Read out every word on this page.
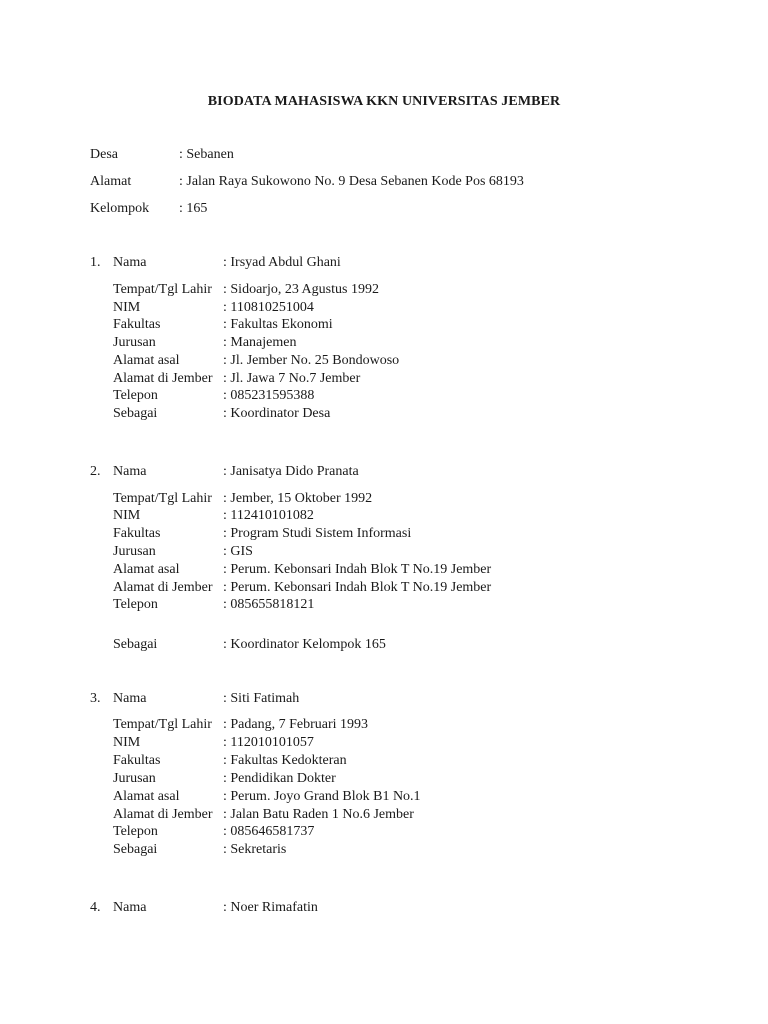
BIODATA MAHASISWA KKN UNIVERSITAS JEMBER
Desa	: Sebanen
Alamat	: Jalan Raya Sukowono No. 9 Desa Sebanen Kode Pos 68193
Kelompok : 165
1. Nama	: Irsyad Abdul Ghani
Tempat/Tgl Lahir : Sidoarjo, 23 Agustus 1992
NIM	: 110810251004
Fakultas	: Fakultas Ekonomi
Jurusan	: Manajemen
Alamat asal	: Jl. Jember No. 25 Bondowoso
Alamat di Jember : Jl. Jawa 7 No.7 Jember
Telepon	: 085231595388
Sebagai	: Koordinator Desa
2. Nama	: Janisatya Dido Pranata
Tempat/Tgl Lahir : Jember, 15 Oktober 1992
NIM	: 112410101082
Fakultas	: Program Studi Sistem Informasi
Jurusan	: GIS
Alamat asal	: Perum. Kebonsari Indah Blok T No.19 Jember
Alamat di Jember : Perum. Kebonsari Indah Blok T No.19 Jember
Telepon	: 085655818121
Sebagai	: Koordinator Kelompok 165
3. Nama	: Siti Fatimah
Tempat/Tgl Lahir : Padang, 7 Februari 1993
NIM	: 112010101057
Fakultas	: Fakultas Kedokteran
Jurusan	: Pendidikan Dokter
Alamat asal	: Perum. Joyo Grand Blok B1 No.1
Alamat di Jember : Jalan Batu Raden 1 No.6 Jember
Telepon	: 085646581737
Sebagai	: Sekretaris
4. Nama	: Noer Rimafatin
